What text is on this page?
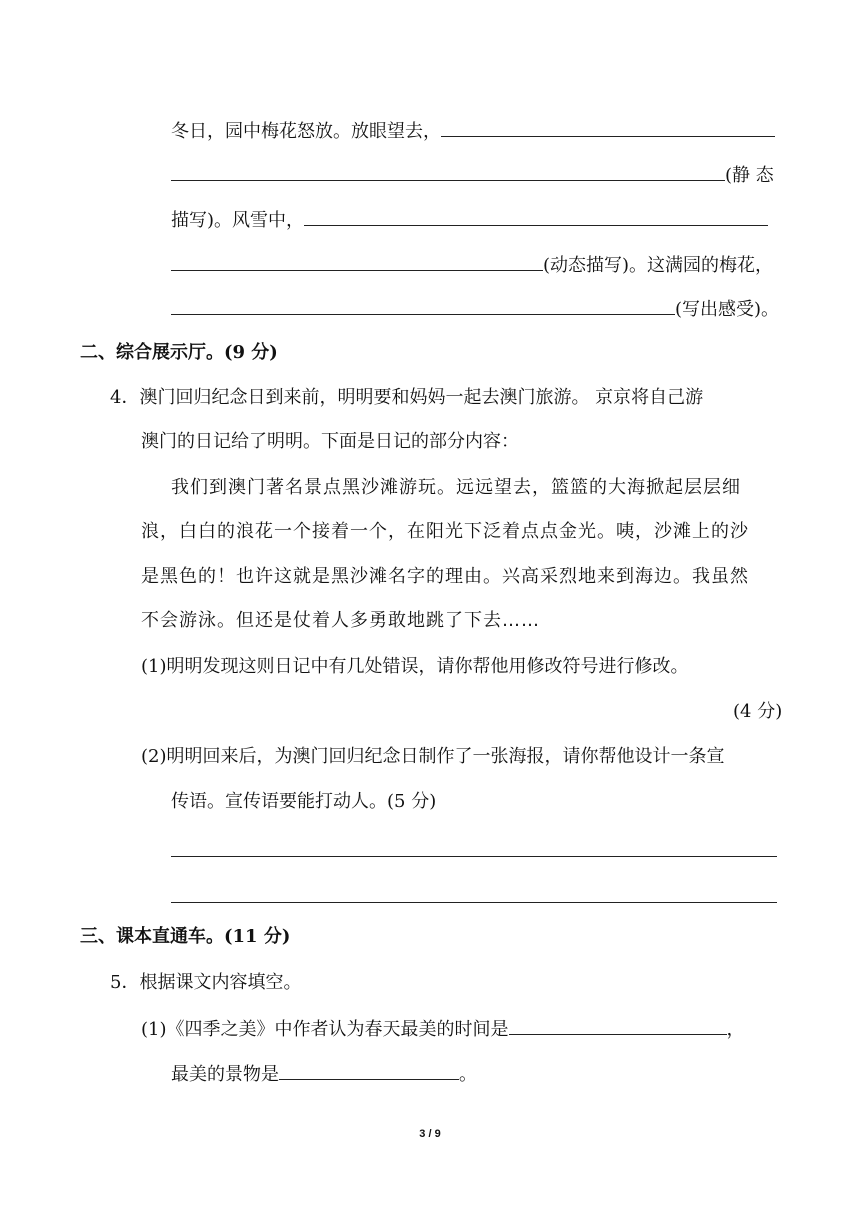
冬日，园中梅花怒放。放眼望去，
(静 态
描写)。风雪中，
(动态描写)。这满园的梅花，
(写出感受)。
二、综合展示厅。(9 分)
4．澳门回归纪念日到来前，明明要和妈妈一起去澳门旅游。 京京将自己游
澳门的日记给了明明。下面是日记的部分内容：
我们到澳门著名景点黑沙滩游玩。远远望去，篮篮的大海掀起层层细
浪，白白的浪花一个接着一个，在阳光下泛着点点金光。咦，沙滩上的沙
是黑色的！也许这就是黑沙滩名字的理由。兴高采烈地来到海边。我虽然
不会游泳。但还是仗着人多勇敢地跳了下去……
(1)明明发现这则日记中有几处错误，请你帮他用修改符号进行修改。
(4 分)
(2)明明回来后，为澳门回归纪念日制作了一张海报，请你帮他设计一条宣
传语。宣传语要能打动人。(5 分)
三、课本直通车。(11 分)
5．根据课文内容填空。
(1)《四季之美》中作者认为春天最美的时间是	，
最美的景物是	。
3 / 9
